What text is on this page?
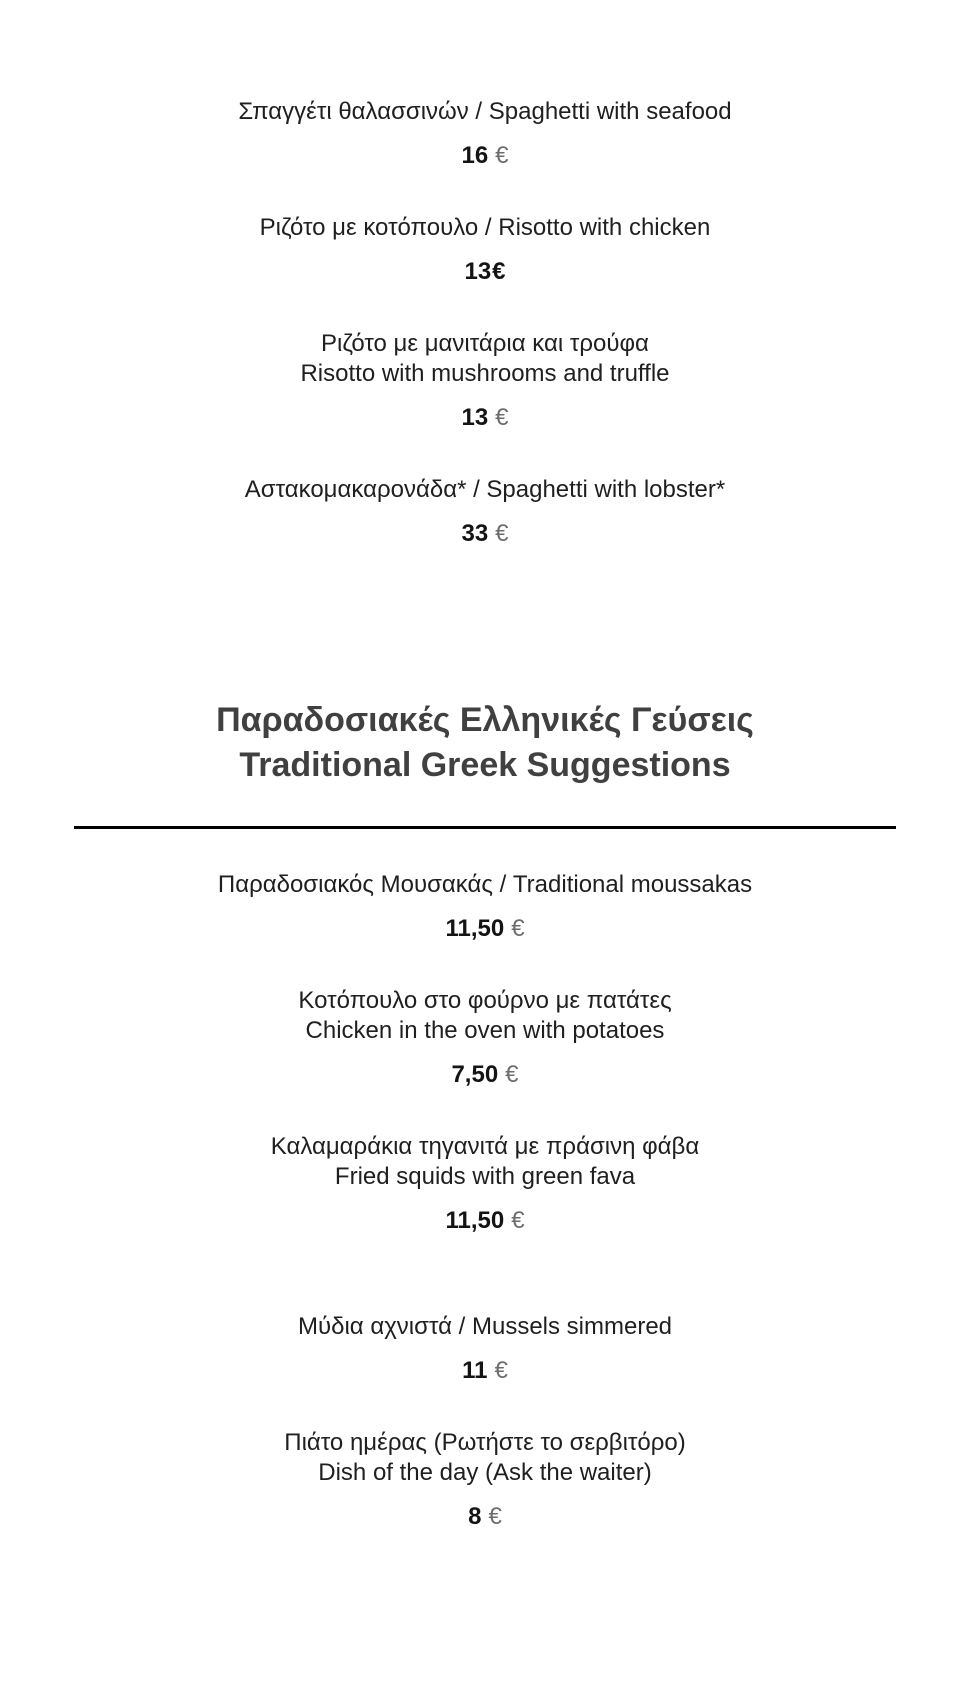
Σπαγγέτι θαλασσινών / Spaghetti with seafood
16 €
Ριζότο με κοτόπουλο / Risotto with chicken
13€
Ριζότο με μανιτάρια και τρούφα
Risotto with mushrooms and truffle
13 €
Αστακομακαρονάδα* / Spaghetti with lobster*
33 €
Παραδοσιακές Ελληνικές Γεύσεις
Traditional Greek Suggestions
Παραδοσιακός Μουσακάς / Traditional moussakas
11,50 €
Κοτόπουλο στο φούρνο με πατάτες
Chicken in the oven with potatoes
7,50 €
Καλαμαράκια τηγανιτά με πράσινη φάβα
Fried squids with green fava
11,50 €
Μύδια αχνιστά / Mussels simmered
11 €
Πιάτο ημέρας (Ρωτήστε το σερβιτόρο)
Dish of the day (Ask the waiter)
8 €
